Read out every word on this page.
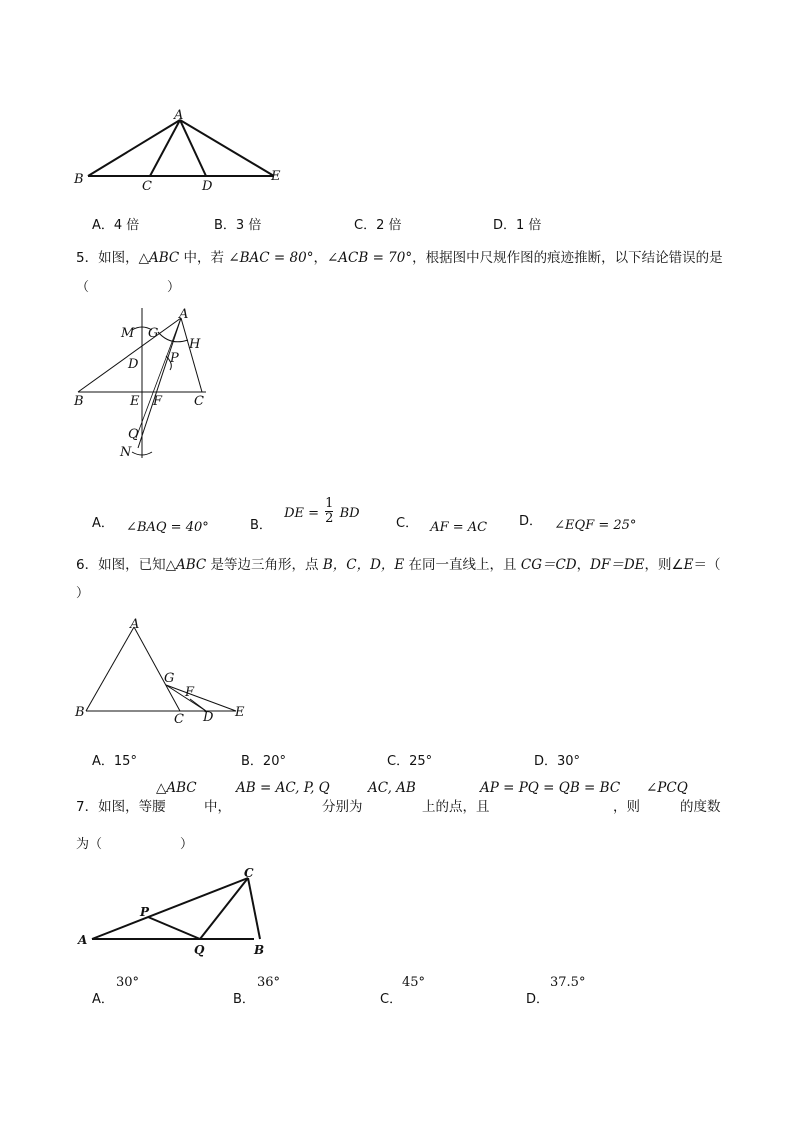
A
B	C	D
E
A．4 倍	B．3 倍	C．2 倍	D．1 倍
5．如图，△ABC 中，若 ∠BAC = 80°，∠ACB = 70°，根据图中尺规作图的痕迹推断，以下结论错误的是
（　　　　　　）
A
M G
H
D P
B	E F C
Q
N
A． ∠BAQ = 40°	B． DE = $\frac{1}{2}$ BD
C． AF = AC D． ∠EQF = 25°
6．如图，已知△ABC 是等边三角形，点 B，C，D，E 在同一直线上，且 CG＝CD，DF＝DE，则∠E＝（
）
A
G
F
B	C D E
A．15°	B．20°	C．25°	D．30°
7．如图，等腰
△ABC
中，
AB = AC, P, Q
分别为
AC, AB
上的点，且
AP = PQ = QB = BC
，则
∠PCQ
的度数
为（　　　　　　）
C
P
A
Q	B
A．
30°
B．
36°
C．
45°
D．
37.5°
